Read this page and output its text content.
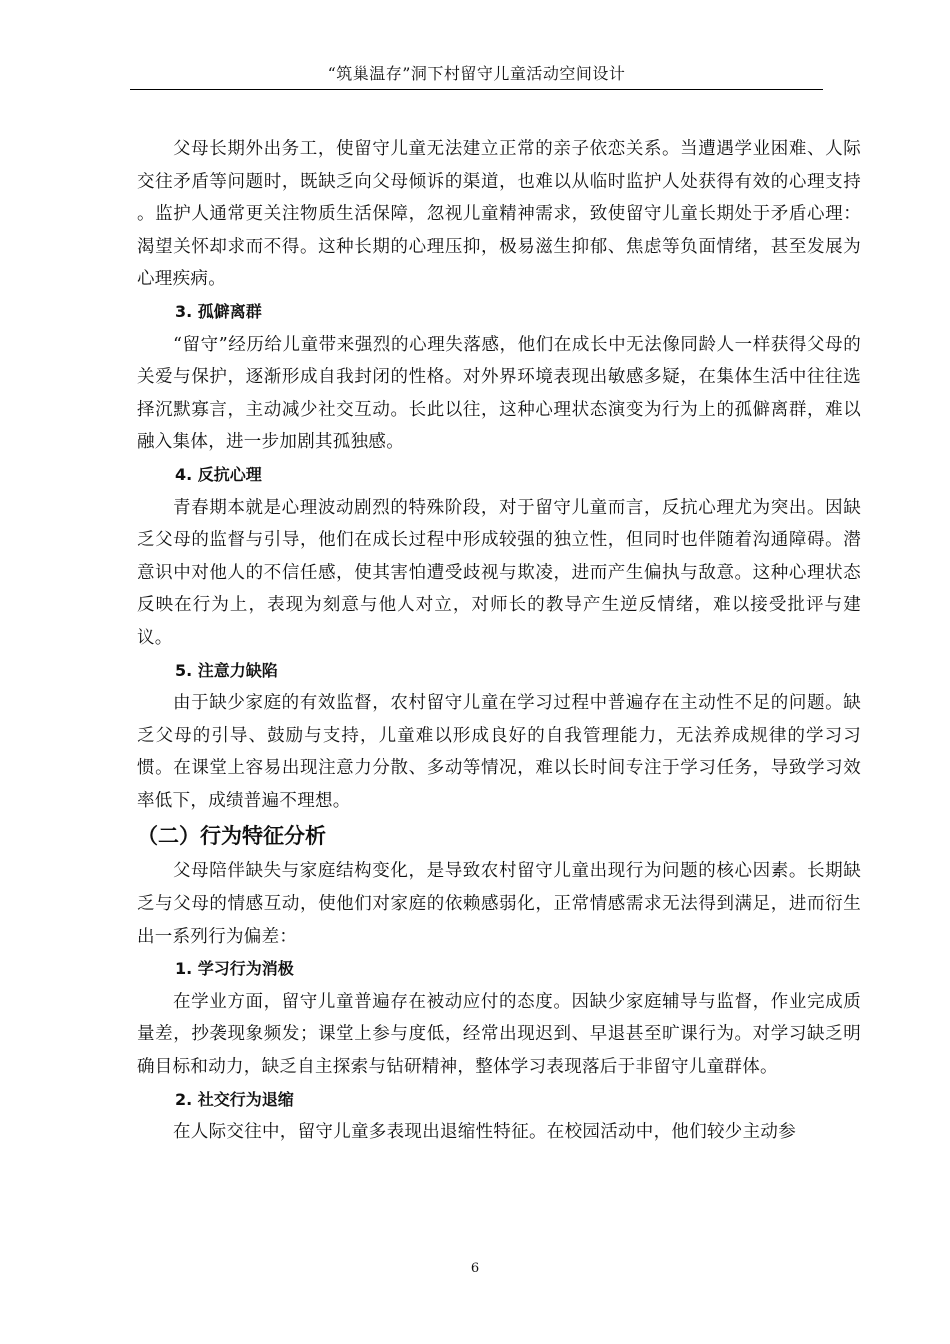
“筑巢温存”洞下村留守儿童活动空间设计

父母长期外出务工，使留守儿童无法建立正常的亲子依恋关系。当遭遇学业困难、人际交往矛盾等问题时，既缺乏向父母倾诉的渠道，也难以从临时监护人处获得有效的心理支持 。监护人通常更关注物质生活保障，忽视儿童精神需求，致使留守儿童长期处于矛盾心理：渴望关怀却求而不得。这种长期的心理压抑，极易滋生抑郁、焦虑等负面情绪，甚至发展为心理疾病。

3. 孤僻离群

“留守”经历给儿童带来强烈的心理失落感，他们在成长中无法像同龄人一样获得父母的关爱与保护，逐渐形成自我封闭的性格。对外界环境表现出敏感多疑，在集体生活中往往选择沉默寡言，主动减少社交互动。长此以往，这种心理状态演变为行为上的孤僻离群，难以融入集体，进一步加剧其孤独感。

4. 反抗心理

青春期本就是心理波动剧烈的特殊阶段，对于留守儿童而言，反抗心理尤为突出。因缺乏父母的监督与引导，他们在成长过程中形成较强的独立性，但同时也伴随着沟通障碍。潜意识中对他人的不信任感，使其害怕遭受歧视与欺凌，进而产生偏执与敌意。这种心理状态反映在行为上，表现为刻意与他人对立，对师长的教导产生逆反情绪，难以接受批评与建议。

5. 注意力缺陷

由于缺少家庭的有效监督，农村留守儿童在学习过程中普遍存在主动性不足的问题。缺乏父母的引导、鼓励与支持，儿童难以形成良好的自我管理能力，无法养成规律的学习习惯。在课堂上容易出现注意力分散、多动等情况，难以长时间专注于学习任务，导致学习效率低下，成绩普遍不理想。

（二）行为特征分析

父母陪伴缺失与家庭结构变化，是导致农村留守儿童出现行为问题的核心因素。长期缺乏与父母的情感互动，使他们对家庭的依赖感弱化，正常情感需求无法得到满足，进而衍生出一系列行为偏差：

1. 学习行为消极

在学业方面，留守儿童普遍存在被动应付的态度。因缺少家庭辅导与监督，作业完成质量差，抄袭现象频发；课堂上参与度低，经常出现迟到、早退甚至旷课行为。对学习缺乏明确目标和动力，缺乏自主探索与钻研精神，整体学习表现落后于非留守儿童群体。

2. 社交行为退缩

在人际交往中，留守儿童多表现出退缩性特征。在校园活动中，他们较少主动参

6
